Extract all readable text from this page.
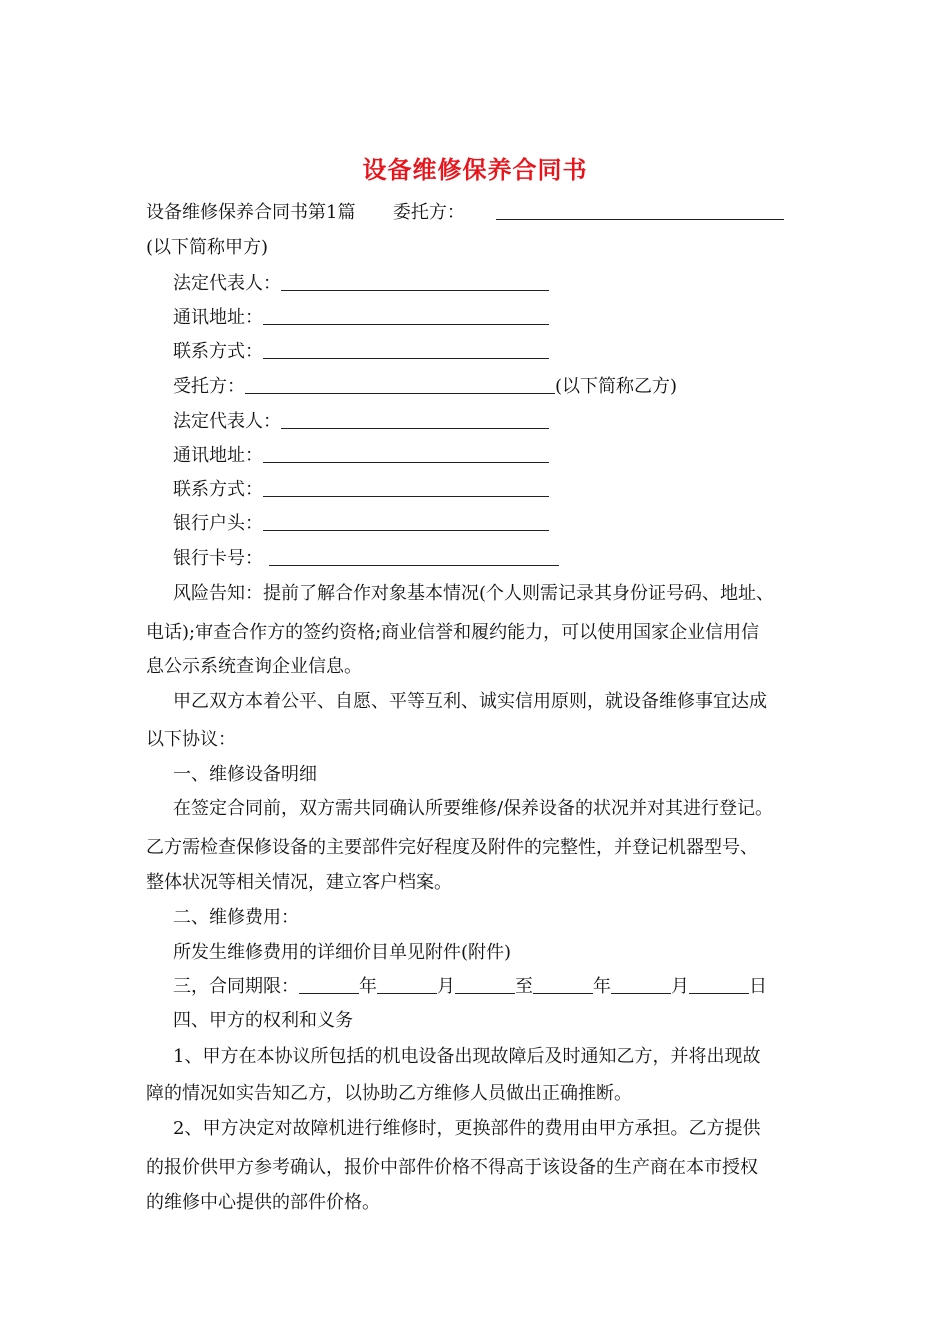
设备维修保养合同书
设备维修保养合同书第1篇 委托方：
(以下简称甲方)
法定代表人：
通讯地址：
联系方式：
受托方：	(以下简称乙方)
法定代表人：
通讯地址：
联系方式：
银行户头：
银行卡号：
风险告知：提前了解合作对象基本情况(个人则需记录其身份证号码、地址、
电话);审查合作方的签约资格;商业信誉和履约能力，可以使用国家企业信用信
息公示系统查询企业信息。
甲乙双方本着公平、自愿、平等互利、诚实信用原则，就设备维修事宜达成
以下协议：
一、维修设备明细
在签定合同前，双方需共同确认所要维修/保养设备的状况并对其进行登记。
乙方需检查保修设备的主要部件完好程度及附件的完整性，并登记机器型号、
整体状况等相关情况，建立客户档案。
二、维修费用：
所发生维修费用的详细价目单见附件(附件)
三，合同期限：	年	月	至	年	月	日
四、甲方的权利和义务
1、甲方在本协议所包括的机电设备出现故障后及时通知乙方，并将出现故
障的情况如实告知乙方，以协助乙方维修人员做出正确推断。
2、甲方决定对故障机进行维修时，更换部件的费用由甲方承担。乙方提供
的报价供甲方参考确认，报价中部件价格不得高于该设备的生产商在本市授权
的维修中心提供的部件价格。
